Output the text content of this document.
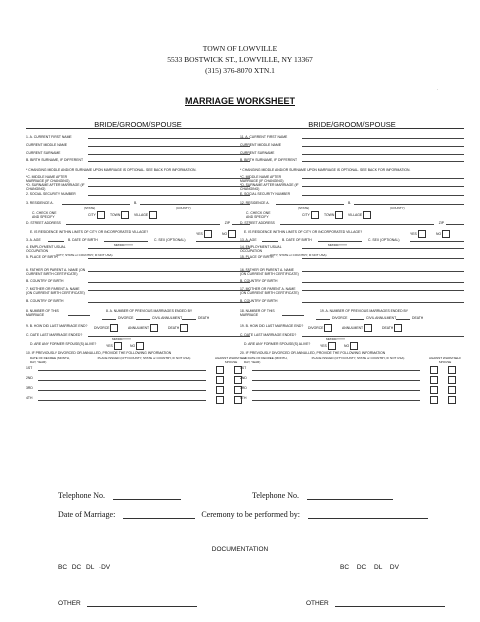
TOWN OF LOWVILLE
5533 BOSTWICK ST., LOWVILLE, NY 13367
(315) 376-8070 XTN.1
MARRIAGE WORKSHEET
.
BRIDE/GROOM/SPOUSE
1. A. CURRENT FIRST NAME
CURRENT MIDDLE NAME
CURRENT SURNAME
B. BIRTH SURNAME, IF DIFFERENT
* CHANGING MIDDLE AND/OR SURNAME UPON MARRIAGE IS OPTIONAL. SEE BACK FOR INFORMATION.
*C. MIDDLE NAME AFTER MARRIAGE (IF CHANGING)
*D. SURNAME AFTER MARRIAGE (IF CHANGING)
2. SOCIAL SECURITY NUMBER
3. RESIDENCE A.	B.
(STATE)	(COUNTY)
C. CHECK ONE AND SPECIFY
CITY	TOWN	VILLAGE
D. STREET ADDRESS	ZIP
E. IS RESIDENCE WITHIN LIMITS OF CITY OR INCORPORATED VILLAGE?	YES	NO
3. A. AGE	B. DATE OF BIRTH
MM/DD/YYYY
C. SEX (OPTIONAL)
4. EMPLOYMENT USUAL OCCUPATION
5. PLACE OF BIRTH
(CITY, STATE or COUNTRY, IF NOT USA)
6. FATHER OR PARENT A. NAME (ON CURRENT BIRTH CERTIFICATE)
B. COUNTRY OF BIRTH
7. MOTHER OR PARENT A. NAME (ON CURRENT BIRTH CERTIFICATE)
B. COUNTRY OF BIRTH
8. NUMBER OF THIS MARRIAGE
8. A. NUMBER OF PREVIOUS MARRIAGES ENDED BY
DIVORCE	CIVIL ANNULMENT	DEATH
9. B. HOW DID LAST MARRIAGE END? DIVORCE	ANNULMENT	DEATH
C. DATE LAST MARRIAGE ENDED?
MM/DD/YYYY
D. ARE ANY FORMER SPOUSE(S) ALIVE?	YES	NO
10. IF PREVIOUSLY DIVORCED OR ANNULLED, PROVIDE THE FOLLOWING INFORMATION
DATE OF DECREE (MONTH, DAY, YEAR)
PLACE ISSUED (CITY/COUNTY, STATE or COUNTRY, IF NOT USA)	AGAINST WHOM SELF SPOUSE
1ST
2ND
3RD
4TH
BRIDE/GROOM/SPOUSE
11. A. CURRENT FIRST NAME
CURRENT MIDDLE NAME
CURRENT SURNAME
B. BIRTH SURNAME, IF DIFFERENT
* CHANGING MIDDLE AND/OR SURNAME UPON MARRIAGE IS OPTIONAL. SEE BACK FOR INFORMATION.
*C. MIDDLE NAME AFTER MARRIAGE (IF CHANGING)
*D. SURNAME AFTER MARRIAGE (IF CHANGING)
E. SOCIAL SECURITY NUMBER
12. RESIDENCE A.	B.
(STATE)	(COUNTY)
C. CHECK ONE AND SPECIFY
CITY	TOWN	VILLAGE
D. STREET ADDRESS	ZIP
E. IS RESIDENCE WITHIN LIMITS OF CITY OR INCORPORATED VILLAGE?	YES	NO
13. A. AGE	B. DATE OF BIRTH
MM/DD/YYYY
C. SEX (OPTIONAL)
14. EMPLOYMENT USUAL OCCUPATION
15. PLACE OF BIRTH
(CITY, STATE or COUNTRY, IF NOT USA)
16. FATHER OR PARENT A. NAME (ON CURRENT BIRTH CERTIFICATE)
B. COUNTRY OF BIRTH
17. MOTHER OR PARENT A. NAME (ON CURRENT BIRTH CERTIFICATE)
B. COUNTRY OF BIRTH
18. NUMBER OF THIS MARRIAGE
19. A. NUMBER OF PREVIOUS MARRIAGES ENDED BY
DIVORCE	CIVIL ANNULMENT	DEATH
19. B. HOW DID LAST MARRIAGE END? DIVORCE	ANNULMENT	DEATH
C. DATE LAST MARRIAGE ENDED?
MM/DD/YYYY
D. ARE ANY FORMER SPOUSE(S) ALIVE?	YES	NO
20. IF PREVIOUSLY DIVORCED OR ANNULLED, PROVIDE THE FOLLOWING INFORMATION
A. DATE OF DECREE (MONTH, DAY, YEAR)
PLACE ISSUED (CITY/COUNTY, STATE or COUNTRY, IF NOT USA)	AGAINST WHOM SELF SPOUSE
1ST
2ND
3RD
4TH
Telephone No.	Telephone No.
Date of Marriage:	Ceremony to be performed by:
DOCUMENTATION
BC DC DL ·DV	BC DC DL DV
OTHER	OTHER
